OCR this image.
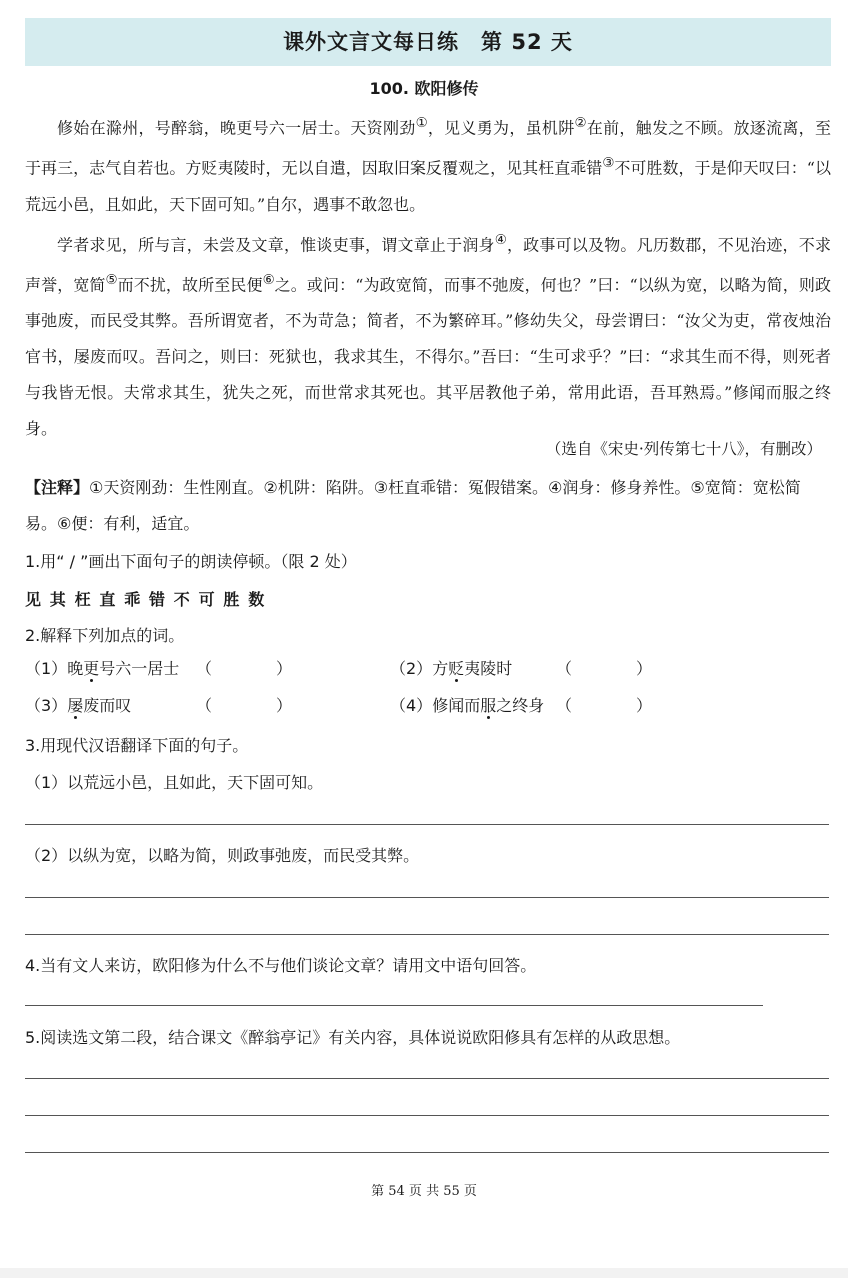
课外文言文每日练　第 52 天
100. 欧阳修传

修始在滁州，号醉翁，晚更号六一居士。天资刚劲①，见义勇为，虽机阱②在前，触发之不顾。放逐流离，至于再三，志气自若也。方贬夷陵时，无以自遣，因取旧案反覆观之，见其枉直乖错③不可胜数，于是仰天叹曰：“以荒远小邑，且如此，天下固可知。”自尔，遇事不敢忽也。

学者求见，所与言，未尝及文章，惟谈吏事，谓文章止于润身④，政事可以及物。凡历数郡，不见治迹，不求声誉，宽简⑤而不扰，故所至民便⑥之。或问：“为政宽简，而事不弛废，何也？”曰：“以纵为宽，以略为简，则政事弛废，而民受其弊。吾所谓宽者，不为苛急；简者，不为繁碎耳。”修幼失父，母尝谓曰：“汝父为吏，常夜烛治官书，屡废而叹。吾问之，则曰：死狱也，我求其生，不得尔。”吾曰：“生可求乎？”曰：“求其生而不得，则死者与我皆无恨。夫常求其生，犹失之死，而世常求其死也。其平居教他子弟，常用此语，吾耳熟焉。”修闻而服之终身。

（选自《宋史·列传第七十八》，有删改）
【注释】①天资刚劲：生性刚直。②机阱：陷阱。③枉直乖错：冤假错案。④润身：修身养性。⑤宽简：宽松简易。⑥便：有利，适宜。
1.用“ / ”画出下面句子的朗读停顿。（限 2 处）
见其枉直乖错不可胜数
2.解释下列加点的词。
（1）晚更号六一居士 （　　　　）	（2）方贬夷陵时	（　　　　）
（3）屡废而叹	（　　　　）	（4）修闻而服之终身 （　　　　）
3.用现代汉语翻译下面的句子。
（1）以荒远小邑，且如此，天下固可知。
（2）以纵为宽，以略为简，则政事弛废，而民受其弊。
4.当有文人来访，欧阳修为什么不与他们谈论文章？请用文中语句回答。
5.阅读选文第二段，结合课文《醉翁亭记》有关内容，具体说说欧阳修具有怎样的从政思想。
第 54 页 共 55 页
